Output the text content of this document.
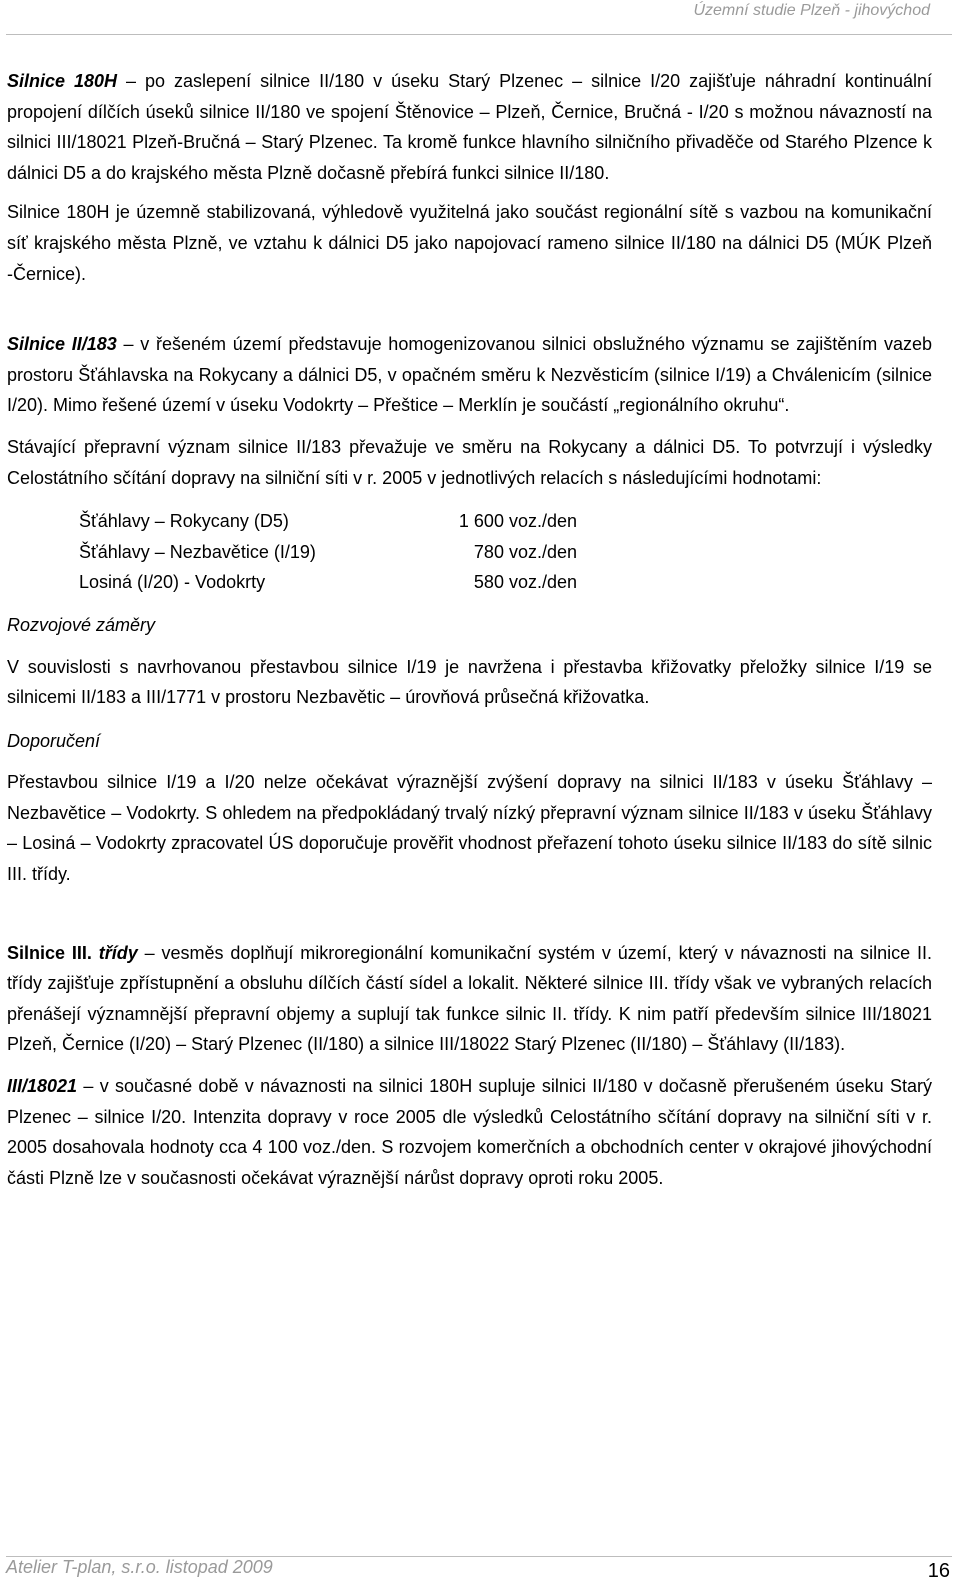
Územní studie Plzeň - jihovýchod

Silnice 180H – po zaslepení silnice II/180 v úseku Starý Plzenec – silnice I/20 zajišťuje náhradní kontinuální propojení dílčích úseků silnice II/180 ve spojení Štěnovice – Plzeň, Černice, Bručná - I/20 s možnou návazností na silnici III/18021 Plzeň-Bručná – Starý Plzenec. Ta kromě funkce hlavního silničního přivaděče od Starého Plzence k dálnici D5 a do krajského města Plzně dočasně přebírá funkci silnice II/180.

Silnice 180H je územně stabilizovaná, výhledově využitelná jako součást regionální sítě s vazbou na komunikační síť krajského města Plzně, ve vztahu k dálnici D5 jako napojovací rameno silnice II/180 na dálnici D5 (MÚK Plzeň -Černice).

Silnice II/183 – v řešeném území představuje homogenizovanou silnici obslužného významu se zajištěním vazeb prostoru Šťáhlavska na Rokycany a dálnici D5, v opačném směru k Nezvěsticím (silnice I/19) a Chválenicím (silnice I/20). Mimo řešené území v úseku Vodokrty – Přeštice – Merklín je součástí „regionálního okruhu“.

Stávající přepravní význam silnice II/183 převažuje ve směru na Rokycany a dálnici D5. To potvrzují i výsledky Celostátního sčítání dopravy na silniční síti v r. 2005 v jednotlivých relacích s následujícími hodnotami:

Šťáhlavy – Rokycany (D5)	1 600 voz./den
Šťáhlavy – Nezbavětice (I/19)	780 voz./den
Losiná (I/20) - Vodokrty	580 voz./den

Rozvojové záměry

V souvislosti s navrhovanou přestavbou silnice I/19 je navržena i přestavba křižovatky přeložky silnice I/19 se silnicemi II/183 a III/1771 v prostoru Nezbavětic – úrovňová průsečná křižovatka.

Doporučení

Přestavbou silnice I/19 a I/20 nelze očekávat výraznější zvýšení dopravy na silnici II/183 v úseku Šťáhlavy – Nezbavětice – Vodokrty. S ohledem na předpokládaný trvalý nízký přepravní význam silnice II/183 v úseku Šťáhlavy – Losiná – Vodokrty zpracovatel ÚS doporučuje prověřit vhodnost přeřazení tohoto úseku silnice II/183 do sítě silnic III. třídy.

Silnice III. třídy – vesměs doplňují mikroregionální komunikační systém v území, který v návaznosti na silnice II. třídy zajišťuje zpřístupnění a obsluhu dílčích částí sídel a lokalit. Některé silnice III. třídy však ve vybraných relacích přenášejí významnější přepravní objemy a suplují tak funkce silnic II. třídy. K nim patří především silnice III/18021 Plzeň, Černice (I/20) – Starý Plzenec (II/180) a silnice III/18022 Starý Plzenec (II/180) – Šťáhlavy (II/183).

III/18021 – v současné době v návaznosti na silnici 180H supluje silnici II/180 v dočasně přerušeném úseku Starý Plzenec – silnice I/20. Intenzita dopravy v roce 2005 dle výsledků Celostátního sčítání dopravy na silniční síti v r. 2005 dosahovala hodnoty cca 4 100 voz./den. S rozvojem komerčních a obchodních center v okrajové jihovýchodní části Plzně lze v současnosti očekávat výraznější nárůst dopravy oproti roku 2005.

Atelier T-plan, s.r.o. listopad 2009	16
